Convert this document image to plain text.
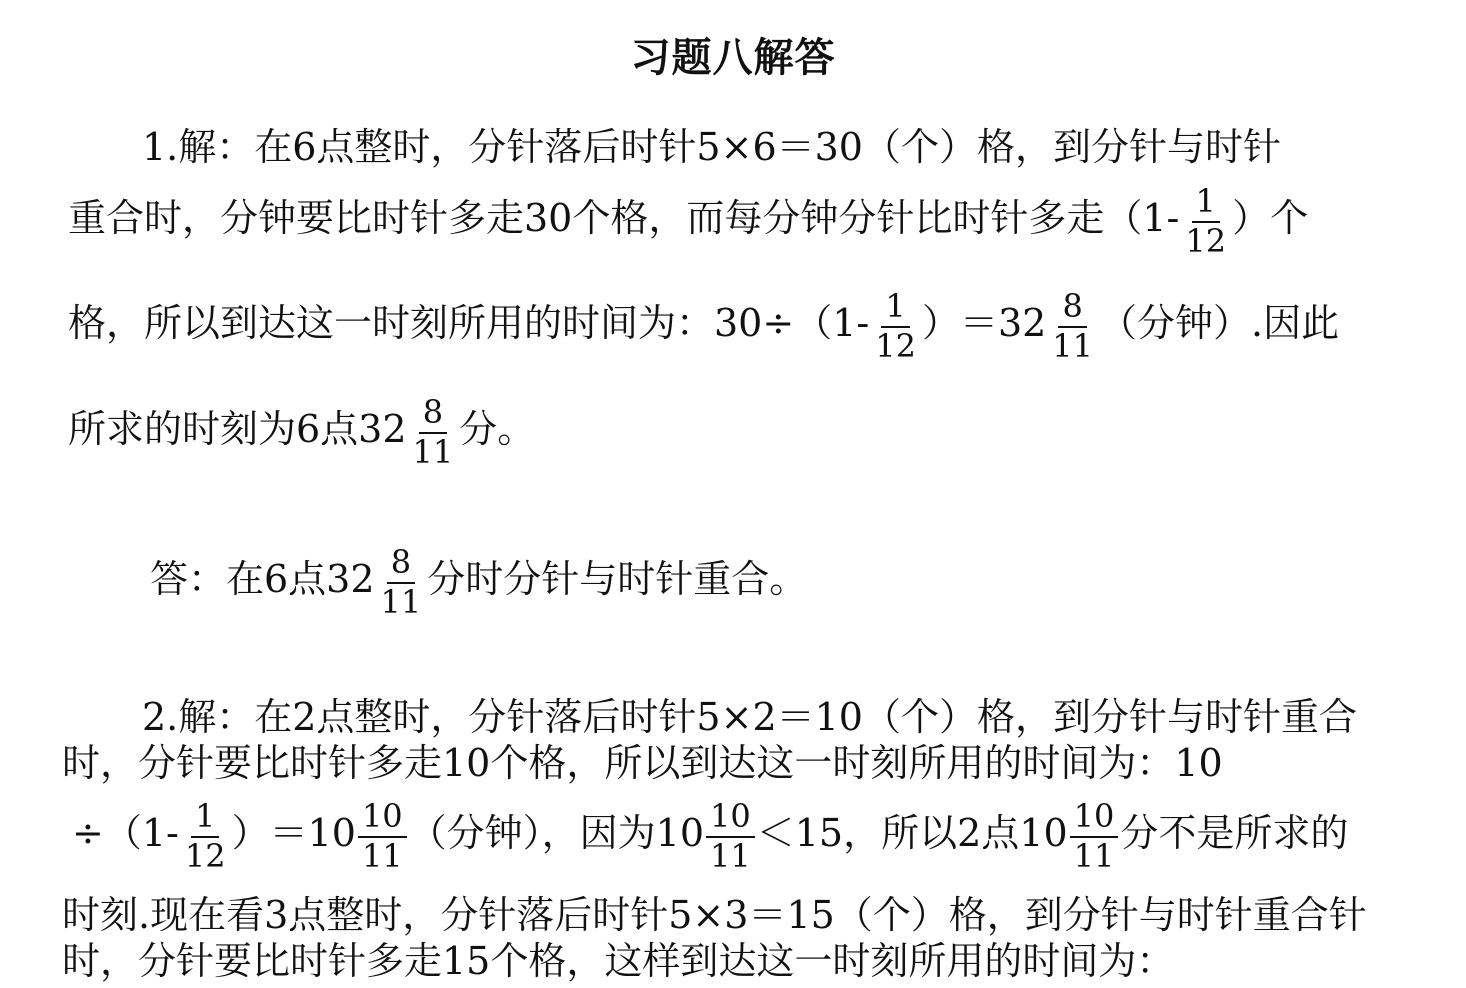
习题八解答
1.解：在6点整时，分针落后时针5×6＝30（个）格，到分针与时针
重合时，分钟要比时针多走30个格，而每分钟分针比时针多走（$1- \frac{1}{12}$ ）个
格，所以到达这一时刻所用的时间为：$30\div(1- \frac{1}{12} )=32 \frac{8}{11}$ （分钟）.因此
所求的时刻为6点$32 \frac{8}{11}$ 分。
答：在6点$32 \frac{8}{11}$ 分时分针与时针重合。
2.解：在2点整时，分针落后时针5×2＝10（个）格，到分针与时针重合
时，分针要比时针多走10个格，所以到达这一时刻所用的时间为：10
$\div(1- \frac{1}{12} )=10 \frac{10}{11}$ （分钟），因为$10 \frac{10}{11} <15$，所以2点$10 \frac{10}{11}$ 分不是所求的
时刻.现在看3点整时，分针落后时针5×3＝15（个）格，到分针与时针重合针
时，分针要比时针多走15个格，这样到达这一时刻所用的时间为：
